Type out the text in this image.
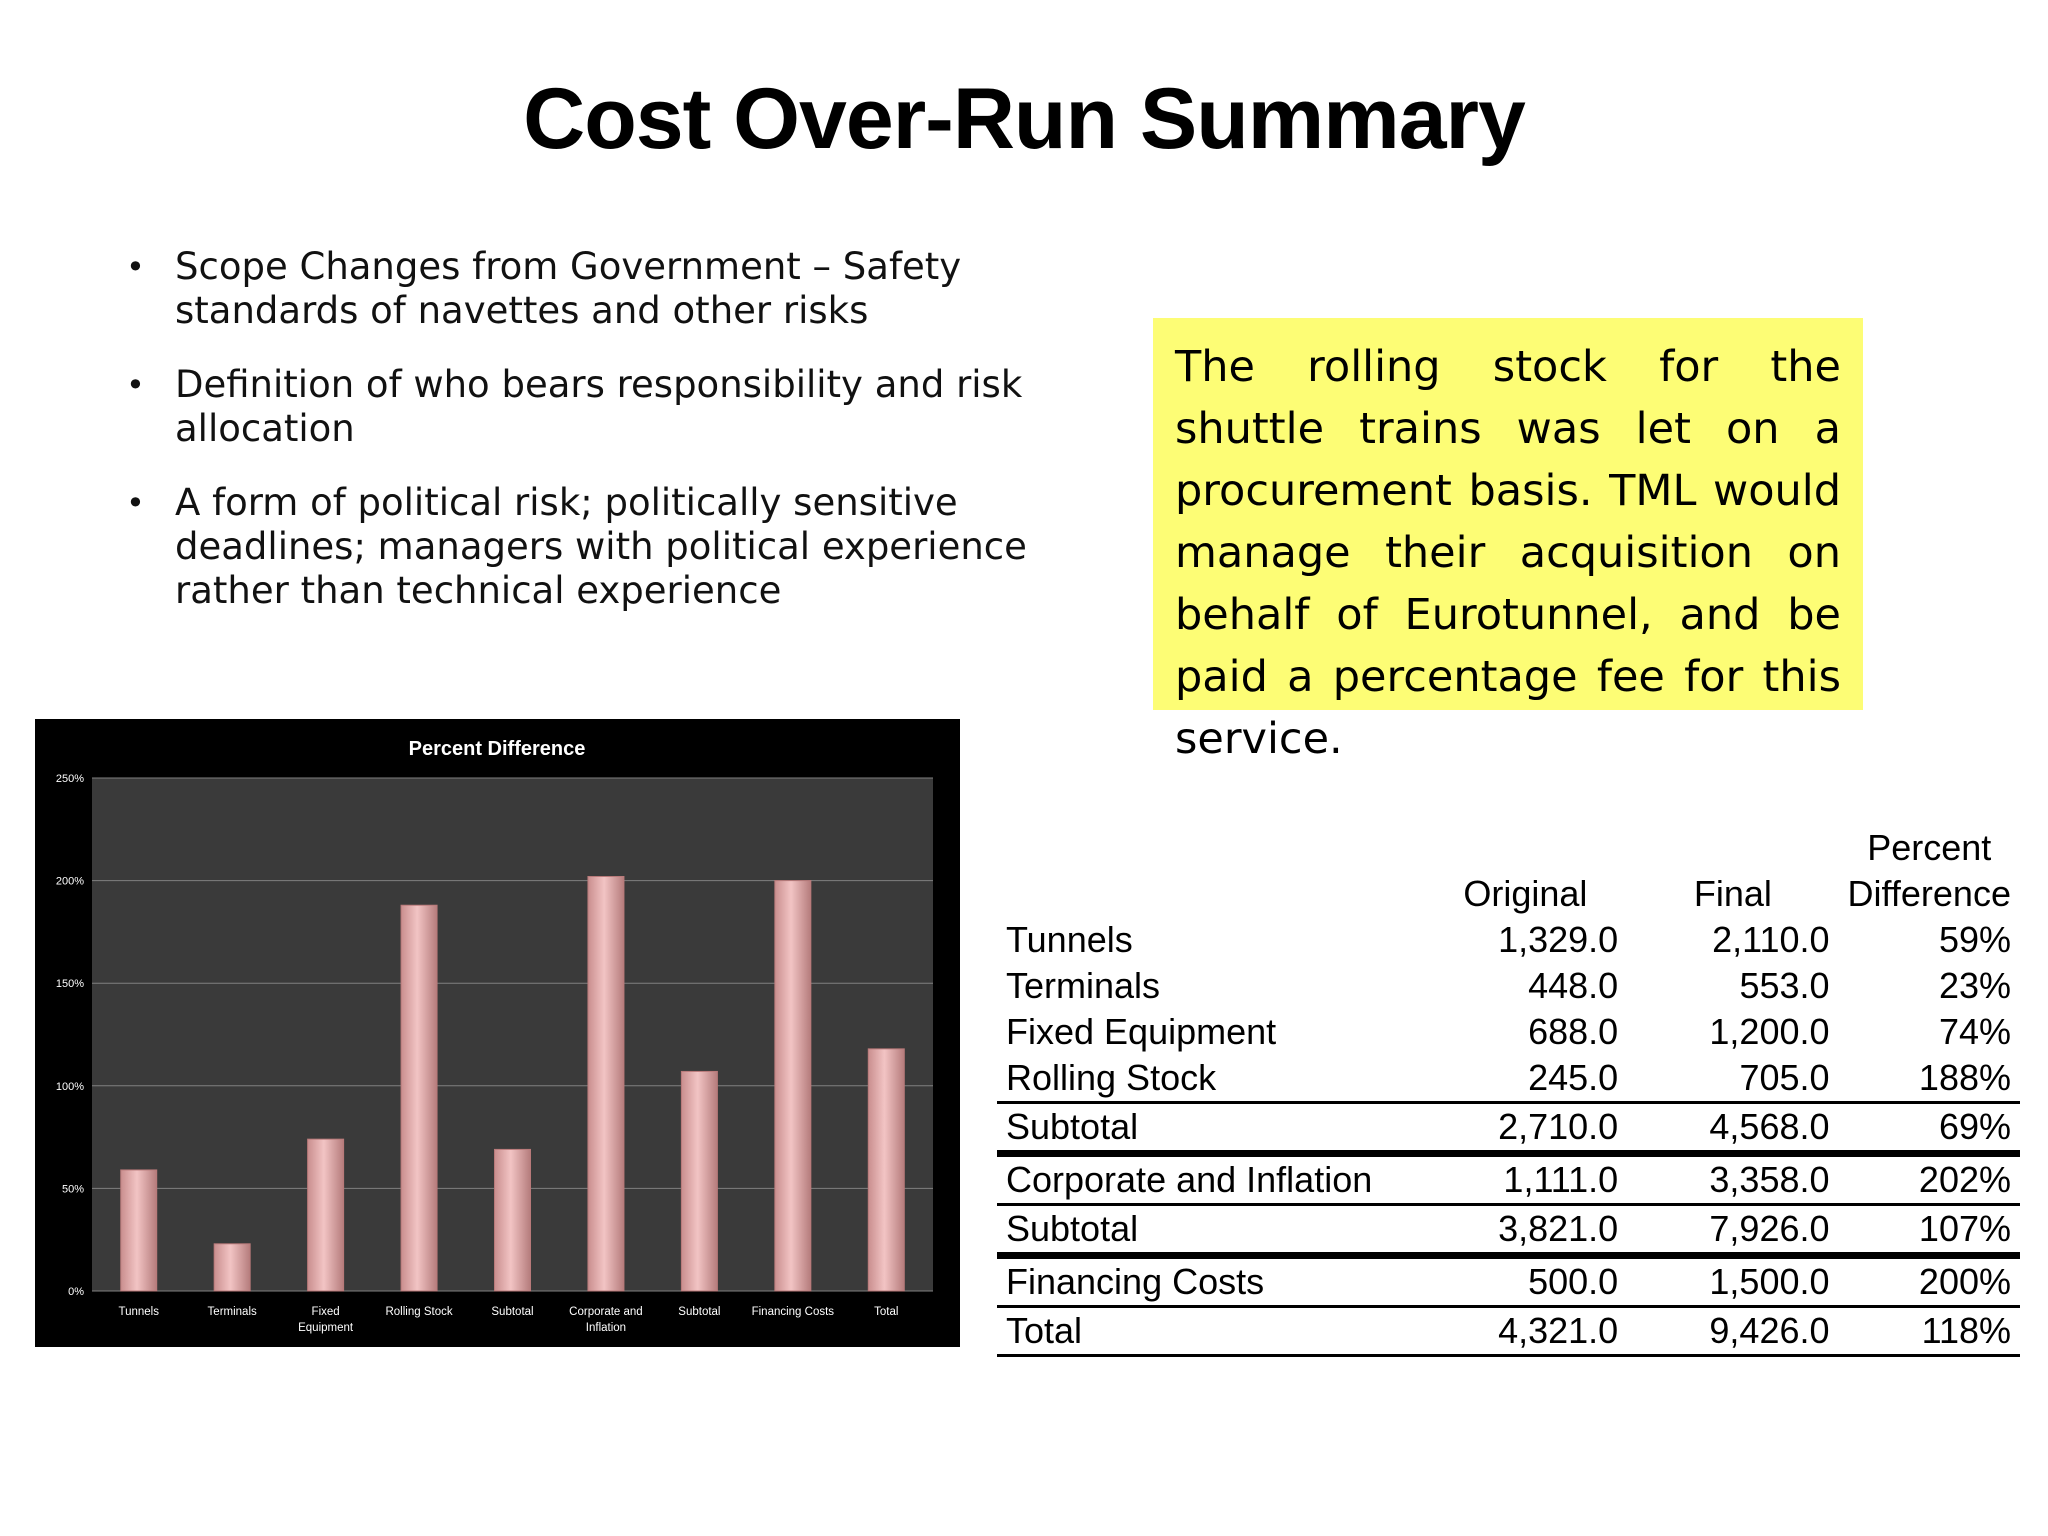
Cost Over-Run Summary
• Scope Changes from Government – Safety standards of navettes and other risks
• Definition of who bears responsibility and risk allocation
• A form of political risk; politically sensitive deadlines; managers with political experience rather than technical experience
The rolling stock for the shuttle trains was let on a procurement basis. TML would manage their acquisition on behalf of Eurotunnel, and be paid a percentage fee for this service.
Percent Difference
0%
50%
100%
150%
200%
250%
Tunnels	Terminals	Fixed
Equipment
Rolling Stock	Subtotal	Corporate and
Inflation
Subtotal	Financing Costs	Total
			Percent
	Original	Final	Difference
Tunnels	1,329.0	2,110.0	59%
Terminals	448.0	553.0	23%
Fixed Equipment	688.0	1,200.0	74%
Rolling Stock	245.0	705.0	188%
Subtotal	2,710.0	4,568.0	69%
Corporate and Inflation	1,111.0	3,358.0	202%
Subtotal	3,821.0	7,926.0	107%
Financing Costs	500.0	1,500.0	200%
Total	4,321.0	9,426.0	118%
